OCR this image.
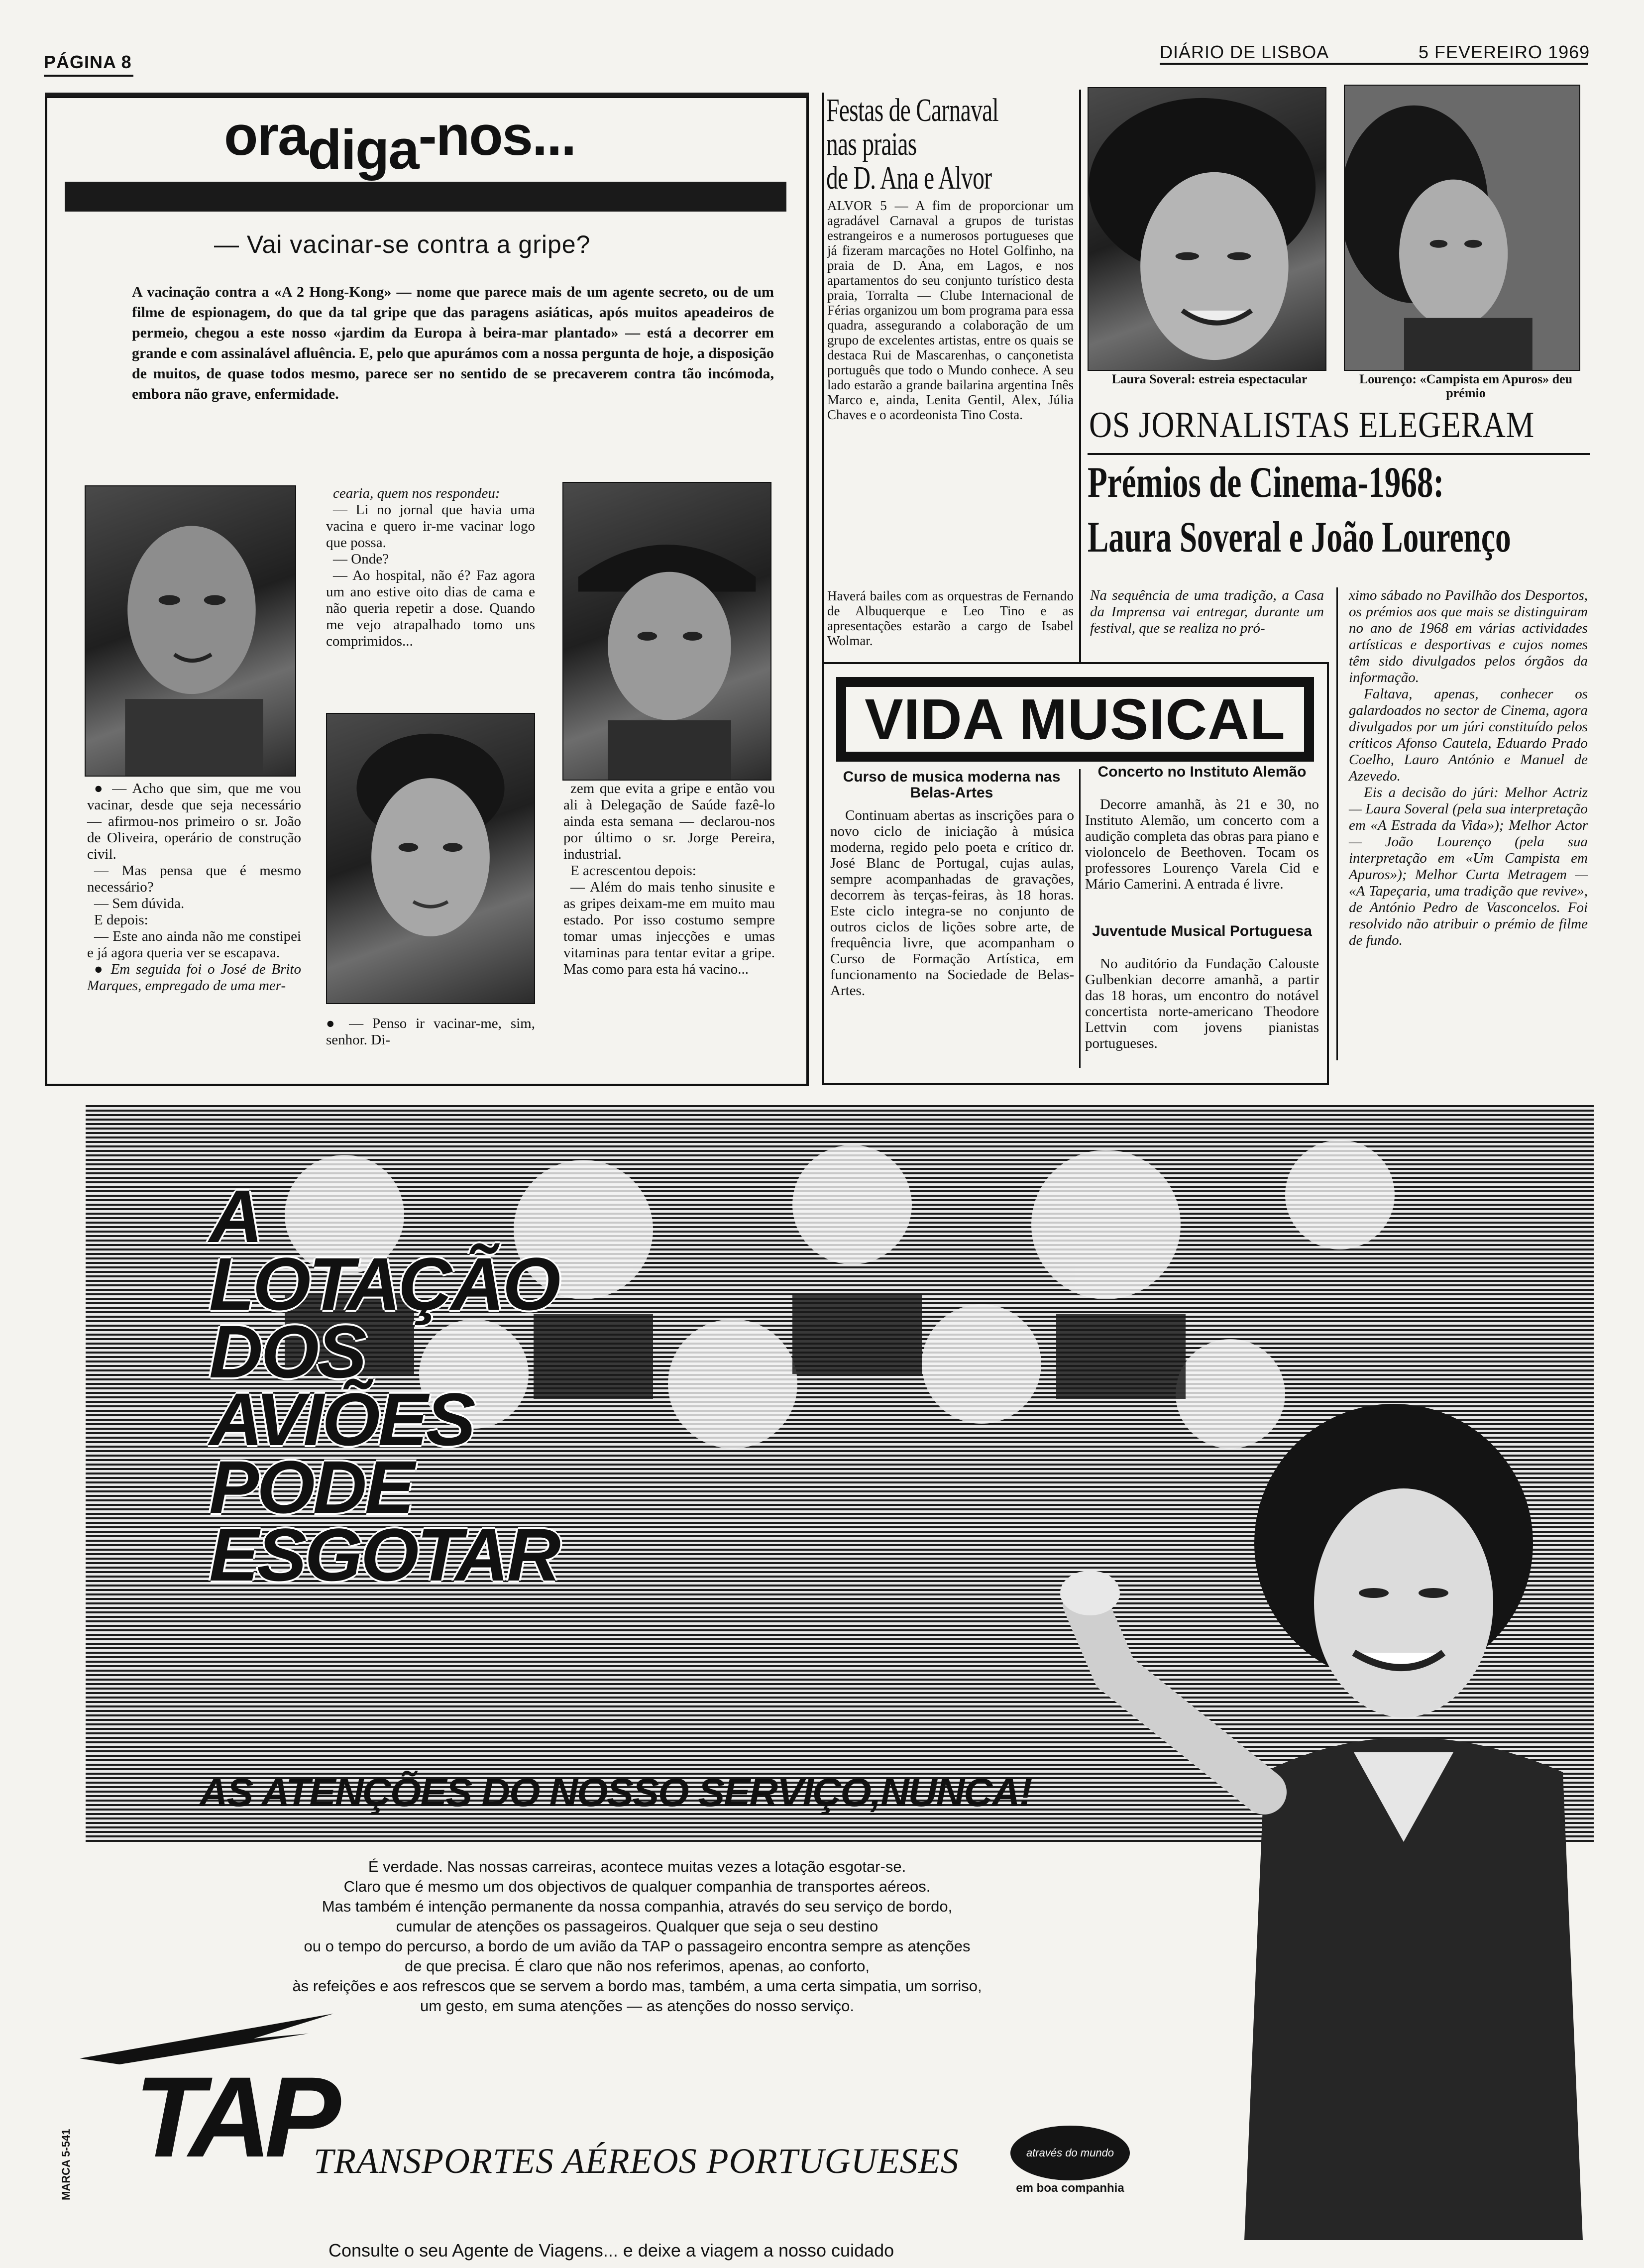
PÁGINA 8	DIÁRIO DE LISBOA	5 FEVEREIRO 1969
oradiga-nos...
— Vai vacinar-se contra a gripe?

A vacinação contra a «A 2 Hong-Kong» — nome que parece mais de um agente secreto, ou de um filme de espionagem, do que da tal gripe que das paragens asiáticas, após muitos apeadeiros de permeio, chegou a este nosso «jardim da Europa à beira-mar plantado» — está a decorrer em grande e com assinalável afluência. E, pelo que apurámos com a nossa pergunta de hoje, a disposição de muitos, de quase todos mesmo, parece ser no sentido de se precaverem contra tão incómoda, embora não grave, enfermidade.

● — Acho que sim, que me vou vacinar, desde que seja necessário — afirmou-nos primeiro o sr. João de Oliveira, operário de construção civil.

— Mas pensa que é mesmo necessário?

— Sem dúvida.

E depois:

— Este ano ainda não me constipei e já agora queria ver se escapava.

● Em seguida foi o José de Brito Marques, empregado de uma mer-

cearia, quem nos respondeu:

— Li no jornal que havia uma vacina e quero ir-me vacinar logo que possa.

— Onde?

— Ao hospital, não é? Faz agora um ano estive oito dias de cama e não queria repetir a dose. Quando me vejo atrapalhado tomo uns comprimidos...

● — Penso ir vacinar-me, sim, senhor. Di-

zem que evita a gripe e então vou ali à Delegação de Saúde fazê-lo ainda esta semana — declarou-nos por último o sr. Jorge Pereira, industrial.

E acrescentou depois:

— Além do mais tenho sinusite e as gripes deixam-me em muito mau estado. Por isso costumo sempre tomar umas injecções e umas vitaminas para tentar evitar a gripe. Mas como para esta há vacino...

Festas de Carnaval
nas praias
de D. Ana e Alvor

ALVOR 5 — A fim de proporcionar um agradável Carnaval a grupos de turistas estrangeiros e a numerosos portugueses que já fizeram marcações no Hotel Golfinho, na praia de D. Ana, em Lagos, e nos apartamentos do seu conjunto turístico desta praia, Torralta — Clube Internacional de Férias organizou um bom programa para essa quadra, assegurando a colaboração de um grupo de excelentes artistas, entre os quais se destaca Rui de Mascarenhas, o cançonetista português que todo o Mundo conhece. A seu lado estarão a grande bailarina argentina Inês Marco e, ainda, Lenita Gentil, Alex, Júlia Chaves e o acordeonista Tino Costa.

Haverá bailes com as orquestras de Fernando de Albuquerque e Leo Tino e as apresentações estarão a cargo de Isabel Wolmar.

Laura Soveral: estreia espectacular	Lourenço: «Campista em Apuros» deu prémio
OS JORNALISTAS ELEGERAM
Prémios de Cinema-1968:
Laura Soveral e João Lourenço

Na sequência de uma tradição, a Casa da Imprensa vai entregar, durante um festival, que se realiza no pró-

ximo sábado no Pavilhão dos Desportos, os prémios aos que mais se distinguiram no ano de 1968 em várias actividades artísticas e desportivas e cujos nomes têm sido divulgados pelos órgãos da informação.

Faltava, apenas, conhecer os galardoados no sector de Cinema, agora divulgados por um júri constituído pelos críticos Afonso Cautela, Eduardo Prado Coelho, Lauro António e Manuel de Azevedo.

Eis a decisão do júri: Melhor Actriz — Laura Soveral (pela sua interpretação em «A Estrada da Vida»); Melhor Actor — João Lourenço (pela sua interpretação em «Um Campista em Apuros»); Melhor Curta Metragem — «A Tapeçaria, uma tradição que revive», de António Pedro de Vasconcelos. Foi resolvido não atribuir o prémio de filme de fundo.

VIDA MUSICAL
Curso de musica moderna nas Belas-Artes

Continuam abertas as inscrições para o novo ciclo de iniciação à música moderna, regido pelo poeta e crítico dr. José Blanc de Portugal, cujas aulas, sempre acompanhadas de gravações, decorrem às terças-feiras, às 18 horas. Este ciclo integra-se no conjunto de outros ciclos de lições sobre arte, de frequência livre, que acompanham o Curso de Formação Artística, em funcionamento na Sociedade de Belas-Artes.

Concerto no Instituto Alemão

Decorre amanhã, às 21 e 30, no Instituto Alemão, um concerto com a audição completa das obras para piano e violoncelo de Beethoven. Tocam os professores Lourenço Varela Cid e Mário Camerini. A entrada é livre.

Juventude Musical Portuguesa

No auditório da Fundação Calouste Gulbenkian decorre amanhã, a partir das 18 horas, um encontro do notável concertista norte-americano Theodore Lettvin com jovens pianistas portugueses.

A
LOTAÇÃO
DOS
AVIÕES
PODE
ESGOTAR
AS ATENÇÕES DO NOSSO SERVIÇO,NUNCA!
É verdade. Nas nossas carreiras, acontece muitas vezes a lotação esgotar-se.
Claro que é mesmo um dos objectivos de qualquer companhia de transportes aéreos.
Mas também é intenção permanente da nossa companhia, através do seu serviço de bordo,
cumular de atenções os passageiros. Qualquer que seja o seu destino
ou o tempo do percurso, a bordo de um avião da TAP o passageiro encontra sempre as atenções
de que precisa. É claro que não nos referimos, apenas, ao conforto,
às refeições e aos refrescos que se servem a bordo mas, também, a uma certa simpatia, um sorriso,
um gesto, em suma atenções — as atenções do nosso serviço.
TAP
TRANSPORTES AÉREOS PORTUGUESES	através do mundo
em boa companhia
MARCA 5-541
Consulte o seu Agente de Viagens... e deixe a viagem a nosso cuidado
